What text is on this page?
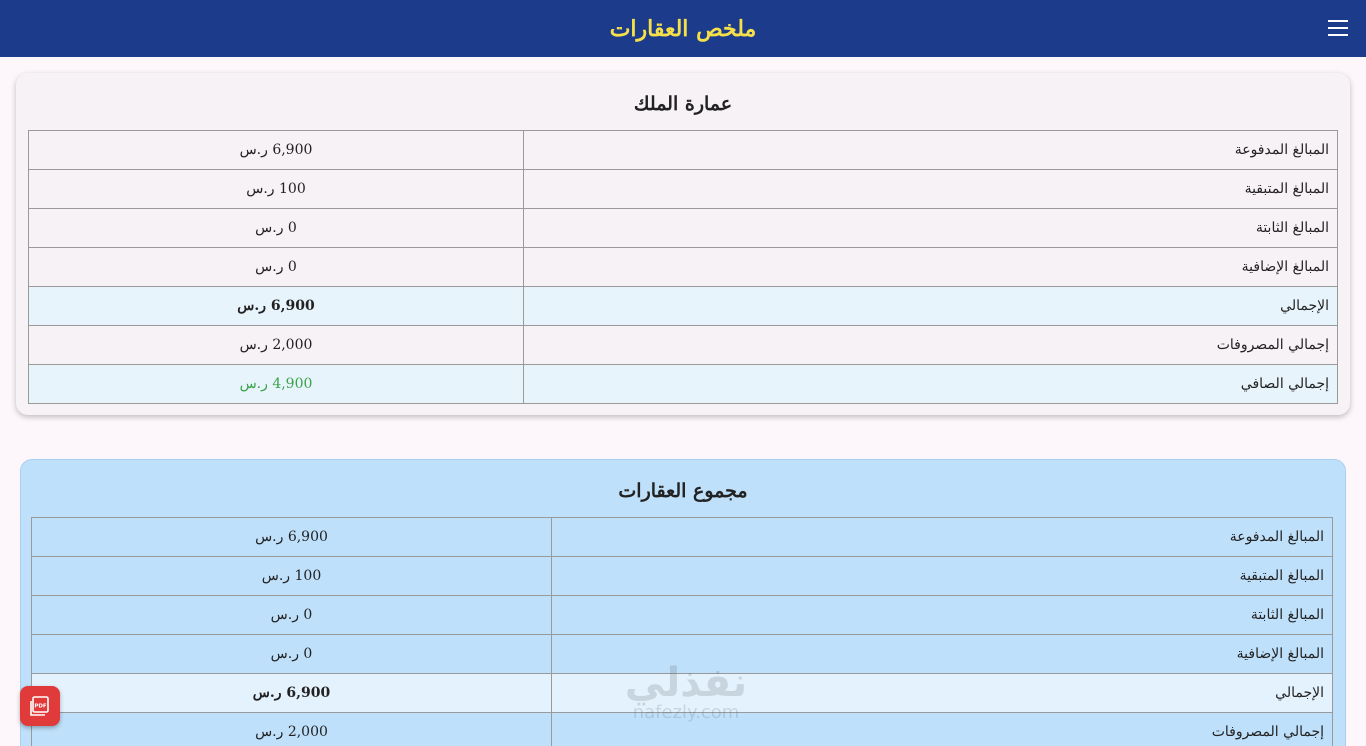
ملخص العقارات
عمارة الملك
المبالغ المدفوعة	6,900 ر.س
المبالغ المتبقية	100 ر.س
المبالغ الثابتة	0 ر.س
المبالغ الإضافية	0 ر.س
الإجمالي	6,900 ر.س
إجمالي المصروفات	2,000 ر.س
إجمالي الصافي	4,900 ر.س
مجموع العقارات
المبالغ المدفوعة	6,900 ر.س
المبالغ المتبقية	100 ر.س
المبالغ الثابتة	0 ر.س
المبالغ الإضافية	0 ر.س
الإجمالي	6,900 ر.س
إجمالي المصروفات	2,000 ر.س
PDF
